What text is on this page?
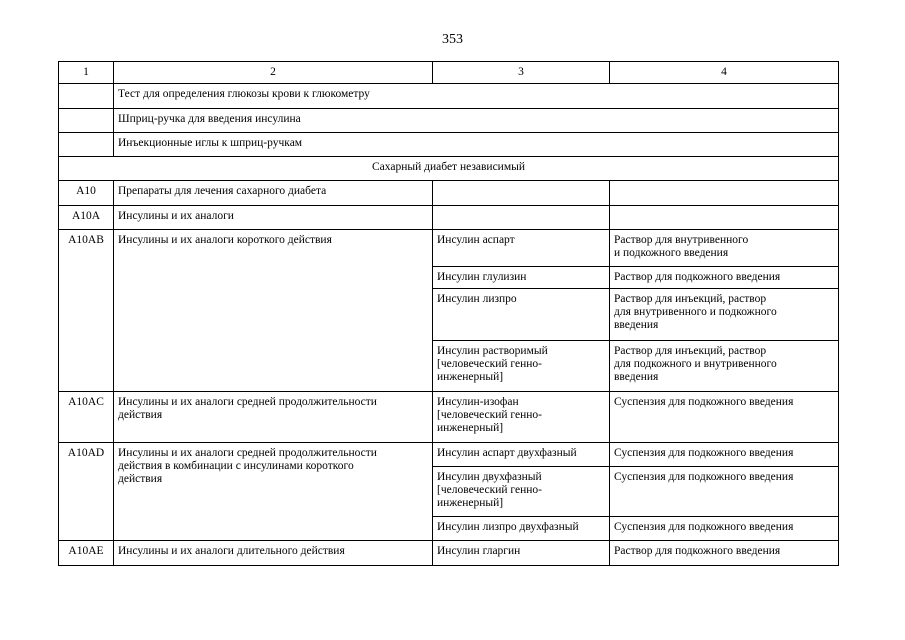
353
1	2	3	4
	Тест для определения глюкозы крови к глюкометру		
	Шприц-ручка для введения инсулина		
	Инъекционные иглы к шприц-ручкам		
Сахарный диабет независимый			
A10	Препараты для лечения сахарного диабета		
A10A	Инсулины и их аналоги		
A10AB	Инсулины и их аналоги короткого действия	Инсулин аспарт	Раствор для внутривенного
и подкожного введения
		Инсулин глулизин	Раствор для подкожного введения
		Инсулин лизпро	Раствор для инъекций, раствор
для внутривенного и подкожного
введения
		Инсулин растворимый
[человеческий генно-
инженерный]	Раствор для инъекций, раствор
для подкожного и внутривенного
введения
A10AC	Инсулины и их аналоги средней продолжительности
действия	Инсулин-изофан
[человеческий генно-
инженерный]	Суспензия для подкожного введения
A10AD	Инсулины и их аналоги средней продолжительности
действия в комбинации с инсулинами короткого
действия	Инсулин аспарт двухфазный	Суспензия для подкожного введения
		Инсулин двухфазный
[человеческий генно-
инженерный]	Суспензия для подкожного введения
		Инсулин лизпро двухфазный	Суспензия для подкожного введения
A10AE	Инсулины и их аналоги длительного действия	Инсулин гларгин	Раствор для подкожного введения
